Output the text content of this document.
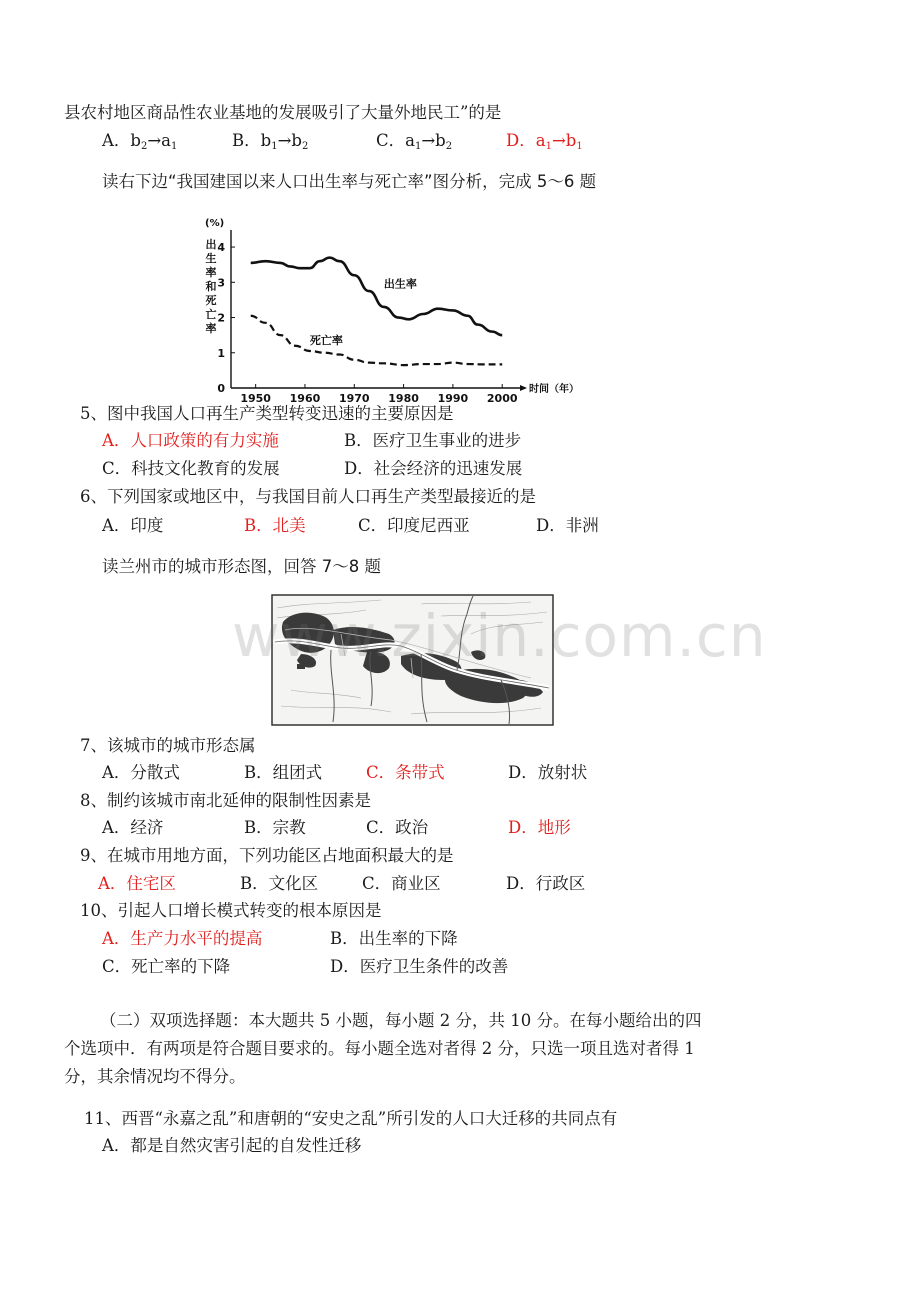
县农村地区商品性农业基地的发展吸引了大量外地民工”的是
A．$b_2\to a_1$	B．$b_1\to b_2$	C．$a_1\to b_2$	D．$a_1\to b_1$
读右下边“我国建国以来人口出生率与死亡率”图分析，完成 5～6 题
1
2
3
4
0
1950 1960 1970 1980 1990 2000
(%)
出
生
率
和
死
亡
率
时间（年）
出生率
死亡率
5、图中我国人口再生产类型转变迅速的主要原因是
A．人口政策的有力实施	B．医疗卫生事业的进步
C．科技文化教育的发展	D．社会经济的迅速发展
6、下列国家或地区中，与我国目前人口再生产类型最接近的是
A．印度	B．北美	C．印度尼西亚	D．非洲
读兰州市的城市形态图，回答 7～8 题
www.zixin.com.cn
7、该城市的城市形态属
A．分散式	B．组团式	C．条带式	D．放射状
8、制约该城市南北延伸的限制性因素是
A．经济	B．宗教	C．政治	D．地形
9、在城市用地方面，下列功能区占地面积最大的是
A．住宅区	B．文化区	C．商业区	D．行政区
10、引起人口增长模式转变的根本原因是
A．生产力水平的提高	B．出生率的下降
C．死亡率的下降	D．医疗卫生条件的改善
（二）双项选择题：本大题共 5 小题，每小题 2 分，共 10 分。在每小题给出的四
个选项中．有两项是符合题目要求的。每小题全选对者得 2 分，只选一项且选对者得 1
分，其余情况均不得分。
11、西晋“永嘉之乱”和唐朝的“安史之乱”所引发的人口大迁移的共同点有
A．都是自然灾害引起的自发性迁移
